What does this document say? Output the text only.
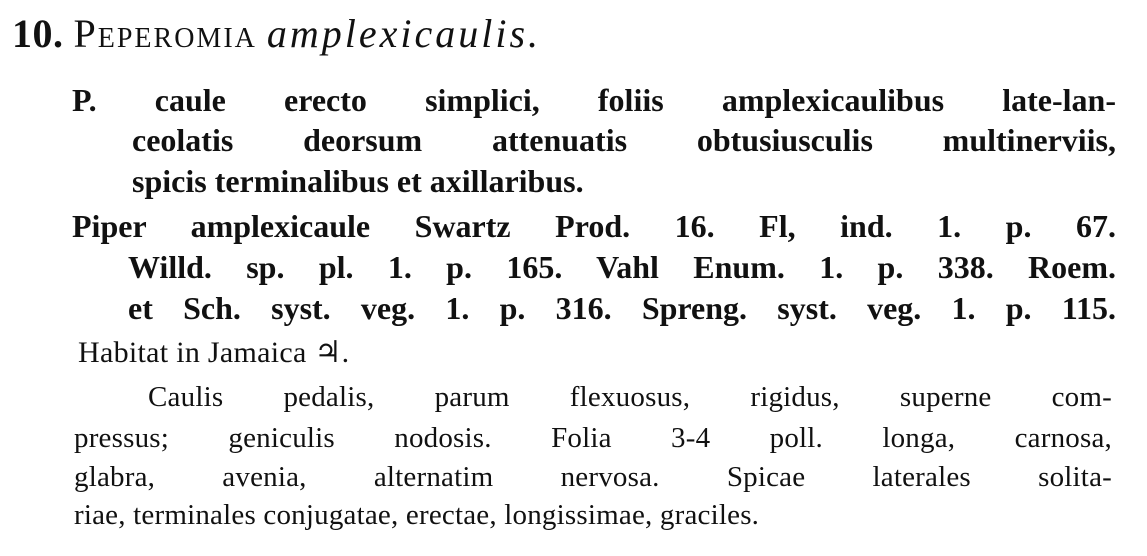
10. Peperomia amplexicaulis.
P. caule erecto simplici, foliis amplexicaulibus late-lan-
ceolatis deorsum attenuatis obtusiusculis multinerviis,
spicis terminalibus et axillaribus.
Piper amplexicaule Swartz Prod. 16. Fl, ind. 1. p. 67.
Willd. sp. pl. 1. p. 165. Vahl Enum. 1. p. 338. Roem.
et Sch. syst. veg. 1. p. 316. Spreng. syst. veg. 1. p. 115.
Habitat in Jamaica ♃.
Caulis pedalis, parum flexuosus, rigidus, superne com-
pressus; geniculis nodosis. Folia 3-4 poll. longa, carnosa,
glabra, avenia, alternatim nervosa. Spicae laterales solita-
riae, terminales conjugatae, erectae, longissimae, graciles.
